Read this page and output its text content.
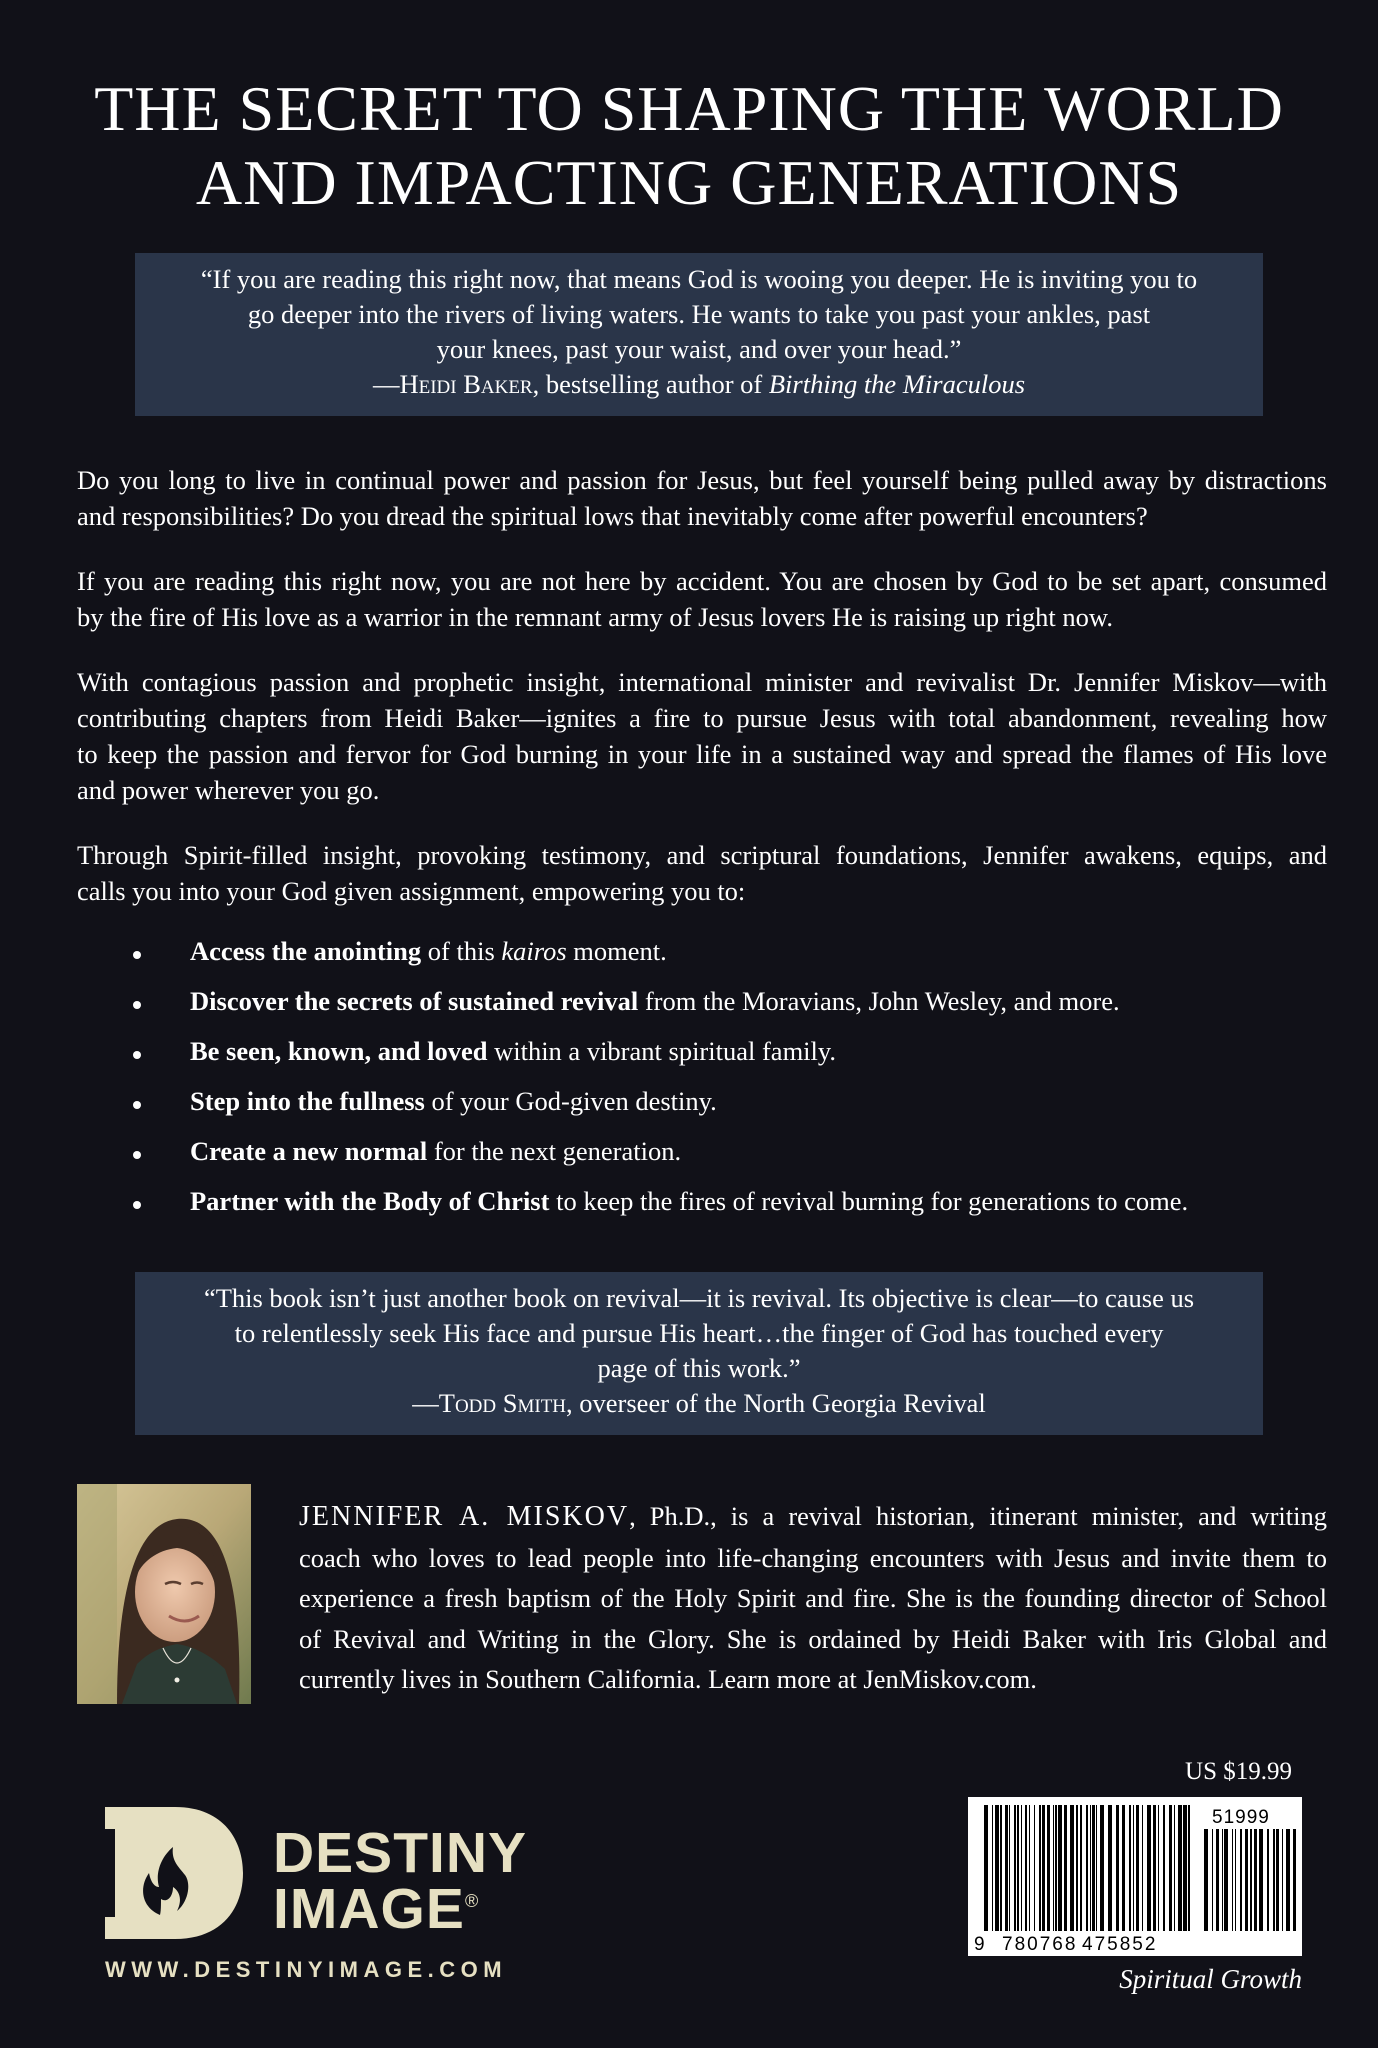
THE SECRET TO SHAPING THE WORLD
AND IMPACTING GENERATIONS
“If you are reading this right now, that means God is wooing you deeper. He is inviting you to
go deeper into the rivers of living waters. He wants to take you past your ankles, past
your knees, past your waist, and over your head.”
—Heidi Baker, bestselling author of Birthing the Miraculous

Do you long to live in continual power and passion for Jesus, but feel yourself being pulled away by distractions
and responsibilities? Do you dread the spiritual lows that inevitably come after powerful encounters?

If you are reading this right now, you are not here by accident. You are chosen by God to be set apart, consumed
by the fire of His love as a warrior in the remnant army of Jesus lovers He is raising up right now.

With contagious passion and prophetic insight, international minister and revivalist Dr. Jennifer Miskov—with
contributing chapters from Heidi Baker—ignites a fire to pursue Jesus with total abandonment, revealing how
to keep the passion and fervor for God burning in your life in a sustained way and spread the flames of His love
and power wherever you go.

Through Spirit-filled insight, provoking testimony, and scriptural foundations, Jennifer awakens, equips, and
calls you into your God given assignment, empowering you to:

Access the anointing of this kairos moment.
Discover the secrets of sustained revival from the Moravians, John Wesley, and more.
Be seen, known, and loved within a vibrant spiritual family.
Step into the fullness of your God-given destiny.
Create a new normal for the next generation.
Partner with the Body of Christ to keep the fires of revival burning for generations to come.
“This book isn’t just another book on revival—it is revival. Its objective is clear—to cause us
to relentlessly seek His face and pursue His heart…the finger of God has touched every
page of this work.”
—Todd Smith, overseer of the North Georgia Revival
JENNIFER A. MISKOV, Ph.D., is a revival historian, itinerant minister, and writing
coach who loves to lead people into life-changing encounters with Jesus and invite them to
experience a fresh baptism of the Holy Spirit and fire. She is the founding director of School
of Revival and Writing in the Glory. She is ordained by Heidi Baker with Iris Global and
currently lives in Southern California. Learn more at JenMiskov.com.
DESTINY
IMAGE ®
WWW.DESTINYIMAGE.COM
US $19.99
9 780768 475852
51999
Spiritual Growth
